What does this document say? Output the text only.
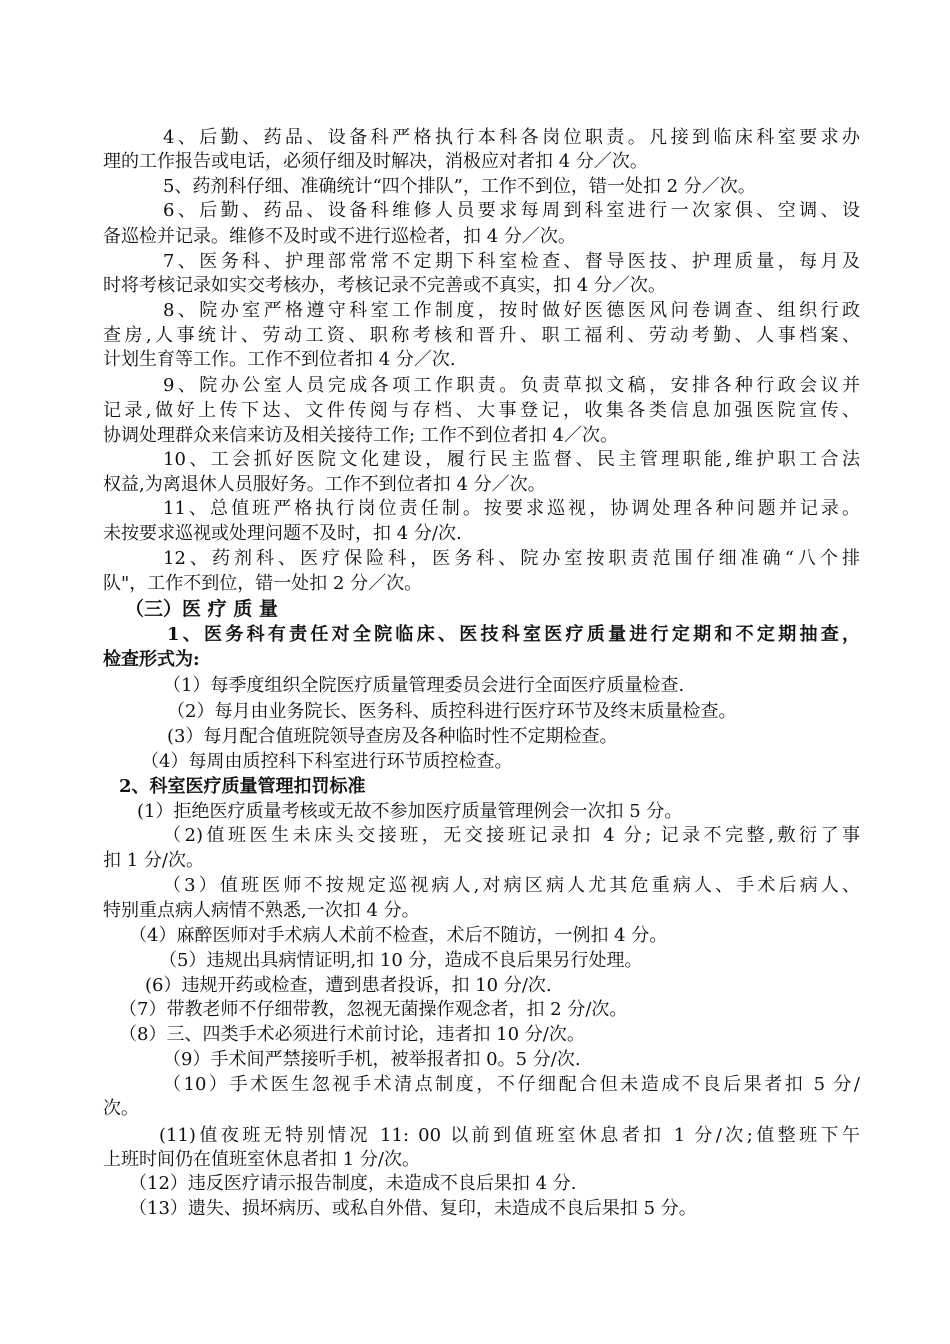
4、后勤、药品、设备科严格执行本科各岗位职责。凡接到临床科室要求办

理的工作报告或电话，必须仔细及时解决，消极应对者扣 4 分／次。

5、药剂科仔细、准确统计“四个排队”，工作不到位，错一处扣 2 分／次。

6、后勤、药品、设备科维修人员要求每周到科室进行一次家俱、空调、设

备巡检并记录。维修不及时或不进行巡检者，扣 4 分／次。

7、医务科、护理部常常不定期下科室检查、督导医技、护理质量，每月及

时将考核记录如实交考核办，考核记录不完善或不真实，扣 4 分／次。

8、院办室严格遵守科室工作制度，按时做好医德医风问卷调查、组织行政

查房,人事统计、劳动工资、职称考核和晋升、职工福利、劳动考勤、人事档案、

计划生育等工作。工作不到位者扣 4 分／次.

9、院办公室人员完成各项工作职责。负责草拟文稿，安排各种行政会议并

记录,做好上传下达、文件传阅与存档、大事登记，收集各类信息加强医院宣传、

协调处理群众来信来访及相关接待工作; 工作不到位者扣 4／次。

10、工会抓好医院文化建设，履行民主监督、民主管理职能,维护职工合法

权益,为离退休人员服好务。工作不到位者扣 4 分／次。

11、总值班严格执行岗位责任制。按要求巡视，协调处理各种问题并记录。

未按要求巡视或处理问题不及时，扣 4 分/次.

12、药剂科、医疗保险科，医务科、院办室按职责范围仔细准确“八个排

队"，工作不到位，错一处扣 2 分／次。

（三）医 疗 质 量

1、医务科有责任对全院临床、医技科室医疗质量进行定期和不定期抽查，

检查形式为:

（1）每季度组织全院医疗质量管理委员会进行全面医疗质量检查.

（2）每月由业务院长、医务科、质控科进行医疗环节及终末质量检查。

(3）每月配合值班院领导查房及各种临时性不定期检查。

（4）每周由质控科下科室进行环节质控检查。

2、科室医疗质量管理扣罚标准

(1）拒绝医疗质量考核或无故不参加医疗质量管理例会一次扣 5 分。

（2)值班医生未床头交接班，无交接班记录扣 4 分; 记录不完整,敷衍了事

扣 1 分/次。

（3）值班医师不按规定巡视病人,对病区病人尤其危重病人、手术后病人、

特别重点病人病情不熟悉,一次扣 4 分。

（4）麻醉医师对手术病人术前不检查，术后不随访，一例扣 4 分。

（5）违规出具病情证明,扣 10 分，造成不良后果另行处理。

(6）违规开药或检查，遭到患者投诉，扣 10 分/次.

（7）带教老师不仔细带教，忽视无菌操作观念者，扣 2 分/次。

（8）三、四类手术必须进行术前讨论，违者扣 10 分/次。

（9）手术间严禁接听手机，被举报者扣 0。5 分/次.

（10）手术医生忽视手术清点制度，不仔细配合但未造成不良后果者扣 5 分/

次。

(11)值夜班无特别情况 11: 00 以前到值班室休息者扣 1 分/次;值整班下午

上班时间仍在值班室休息者扣 1 分/次。

（12）违反医疗请示报告制度，未造成不良后果扣 4 分.

（13）遗失、损坏病历、或私自外借、复印，未造成不良后果扣 5 分。
